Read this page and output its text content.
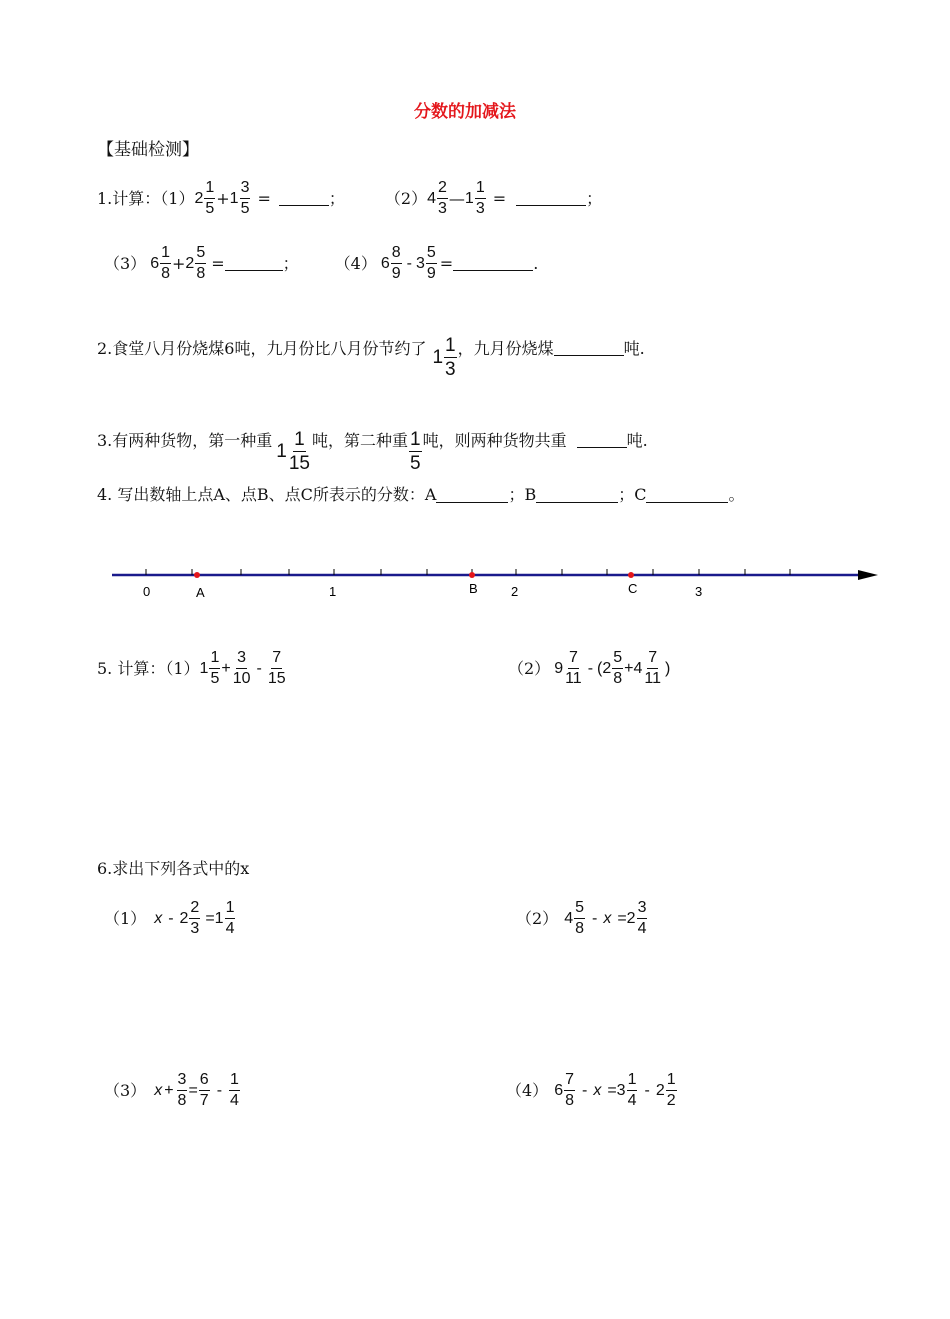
分数的加减法
【基础检测】
1.计算：（1） $2 \frac{1}{5} + 1 \frac{3}{5}$ =	；	（2） $4 \frac{2}{3}$ — $1 \frac{1}{3}$ =	；
（3） $6 \frac{1}{8} + 2 \frac{5}{8}$ =	； （4） $6 \frac{8}{9} - 3 \frac{5}{9}$ =	.
2.食堂八月份烧煤6吨，九月份比八月份节约了 $1 \frac{1}{3}$ ，九月份烧煤	吨.
3.有两种货物，第一种重
$1 \frac{1}{15}$ 吨，第二种重 $\frac{1}{5}$ 吨，则两种货物共重	吨.
4. 写出数轴上点A、点B、点C所表示的分数：A	；B	；C	。
0	1	2	3
A	B	C
5. 计算：（1） $1 \frac{1}{5} + \frac{3}{10} - \frac{7}{15}$	（2） $9 \frac{7}{11}$ - ( $2 \frac{5}{8} + 4 \frac{7}{11}$ )
6.求出下列各式中的x
（1） $x - 2 \frac{2}{3} = 1 \frac{1}{4}$	（2） $4 \frac{5}{8} - x = 2 \frac{3}{4}$
（3） $x + \frac{3}{8} = \frac{6}{7} - \frac{1}{4}$	（4） $6 \frac{7}{8} - x = 3 \frac{1}{4} - 2 \frac{1}{2}$
